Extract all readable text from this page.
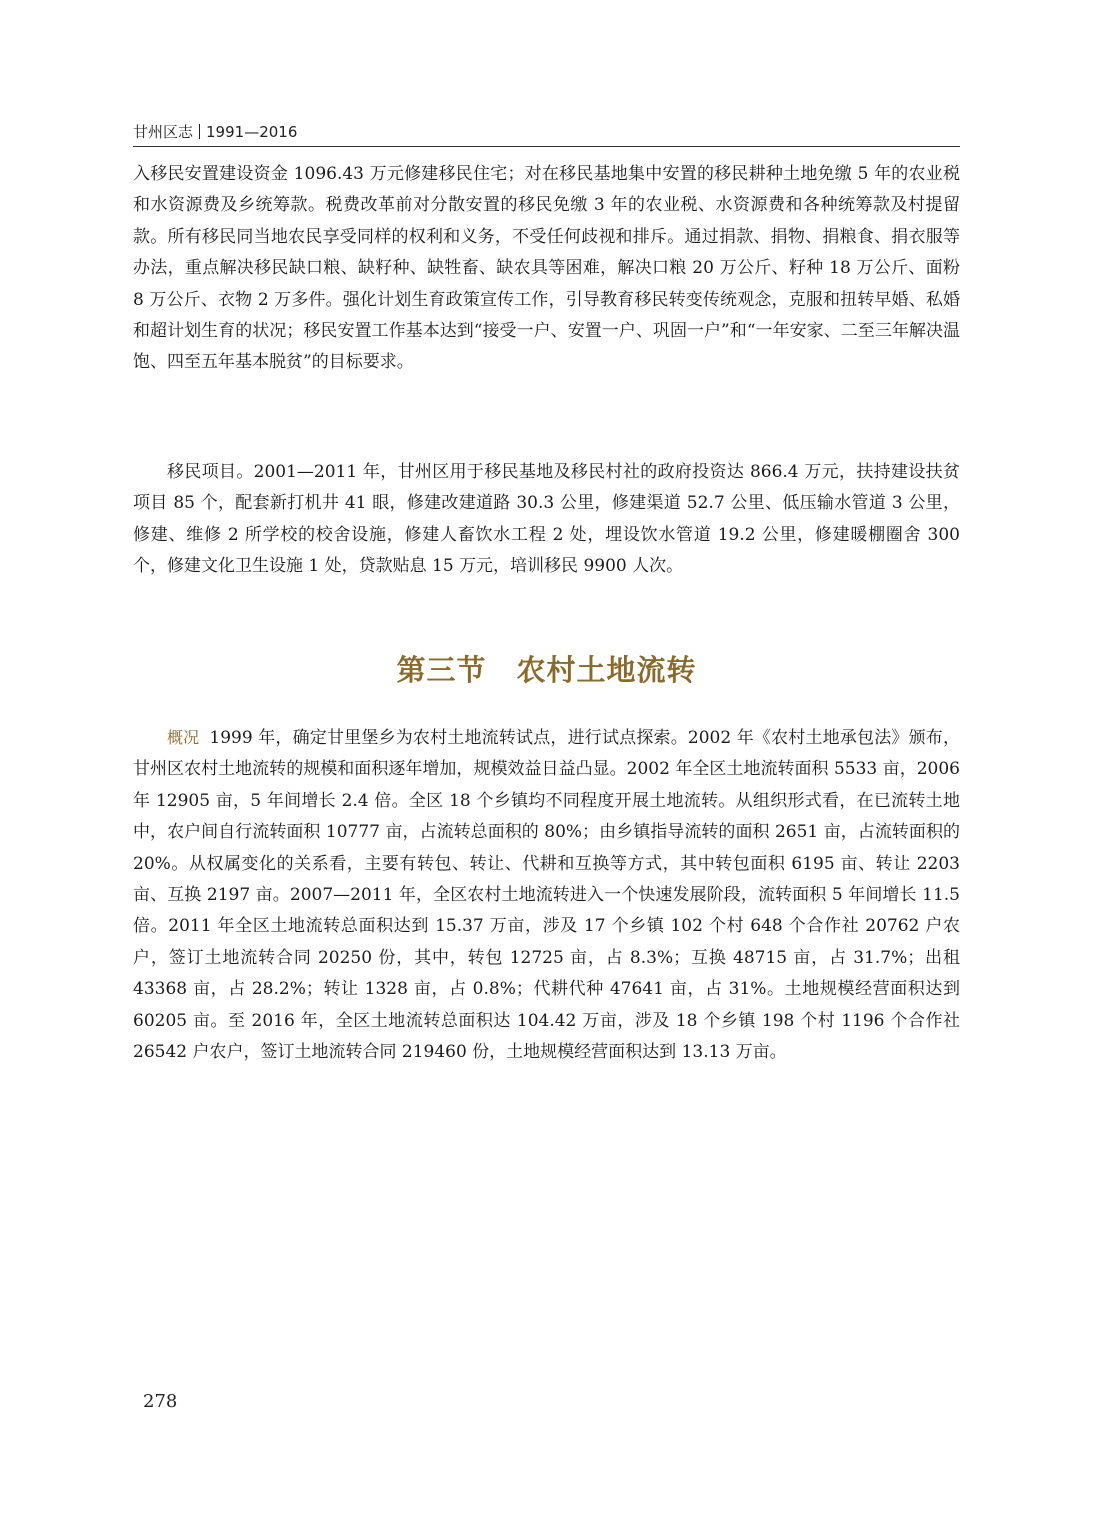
甘州区志 1991—2016

入移民安置建设资金 1096.43 万元修建移民住宅；对在移民基地集中安置的移民耕种土地免缴 5 年的农业税和水资源费及乡统筹款。税费改革前对分散安置的移民免缴 3 年的农业税、水资源费和各种统筹款及村提留款。所有移民同当地农民享受同样的权利和义务，不受任何歧视和排斥。通过捐款、捐物、捐粮食、捐衣服等办法，重点解决移民缺口粮、缺籽种、缺牲畜、缺农具等困难，解决口粮 20 万公斤、籽种 18 万公斤、面粉 8 万公斤、衣物 2 万多件。强化计划生育政策宣传工作，引导教育移民转变传统观念，克服和扭转早婚、私婚和超计划生育的状况；移民安置工作基本达到“接受一户、安置一户、巩固一户”和“一年安家、二至三年解决温饱、四至五年基本脱贫”的目标要求。

移民项目。2001—2011 年，甘州区用于移民基地及移民村社的政府投资达 866.4 万元，扶持建设扶贫项目 85 个，配套新打机井 41 眼，修建改建道路 30.3 公里，修建渠道 52.7 公里、低压输水管道 3 公里，修建、维修 2 所学校的校舍设施，修建人畜饮水工程 2 处，埋设饮水管道 19.2 公里，修建暖棚圈舍 300 个，修建文化卫生设施 1 处，贷款贴息 15 万元，培训移民 9900 人次。

第三节 农村土地流转

概况 1999 年，确定甘里堡乡为农村土地流转试点，进行试点探索。2002 年《农村土地承包法》颁布，甘州区农村土地流转的规模和面积逐年增加，规模效益日益凸显。2002 年全区土地流转面积 5533 亩，2006 年 12905 亩，5 年间增长 2.4 倍。全区 18 个乡镇均不同程度开展土地流转。从组织形式看，在已流转土地中，农户间自行流转面积 10777 亩，占流转总面积的 80%；由乡镇指导流转的面积 2651 亩，占流转面积的 20%。从权属变化的关系看，主要有转包、转让、代耕和互换等方式，其中转包面积 6195 亩、转让 2203 亩、互换 2197 亩。2007—2011 年，全区农村土地流转进入一个快速发展阶段，流转面积 5 年间增长 11.5 倍。2011 年全区土地流转总面积达到 15.37 万亩，涉及 17 个乡镇 102 个村 648 个合作社 20762 户农户，签订土地流转合同 20250 份，其中，转包 12725 亩，占 8.3%；互换 48715 亩，占 31.7%；出租 43368 亩，占 28.2%；转让 1328 亩，占 0.8%；代耕代种 47641 亩，占 31%。土地规模经营面积达到 60205 亩。至 2016 年，全区土地流转总面积达 104.42 万亩，涉及 18 个乡镇 198 个村 1196 个合作社 26542 户农户，签订土地流转合同 219460 份，土地规模经营面积达到 13.13 万亩。

278
